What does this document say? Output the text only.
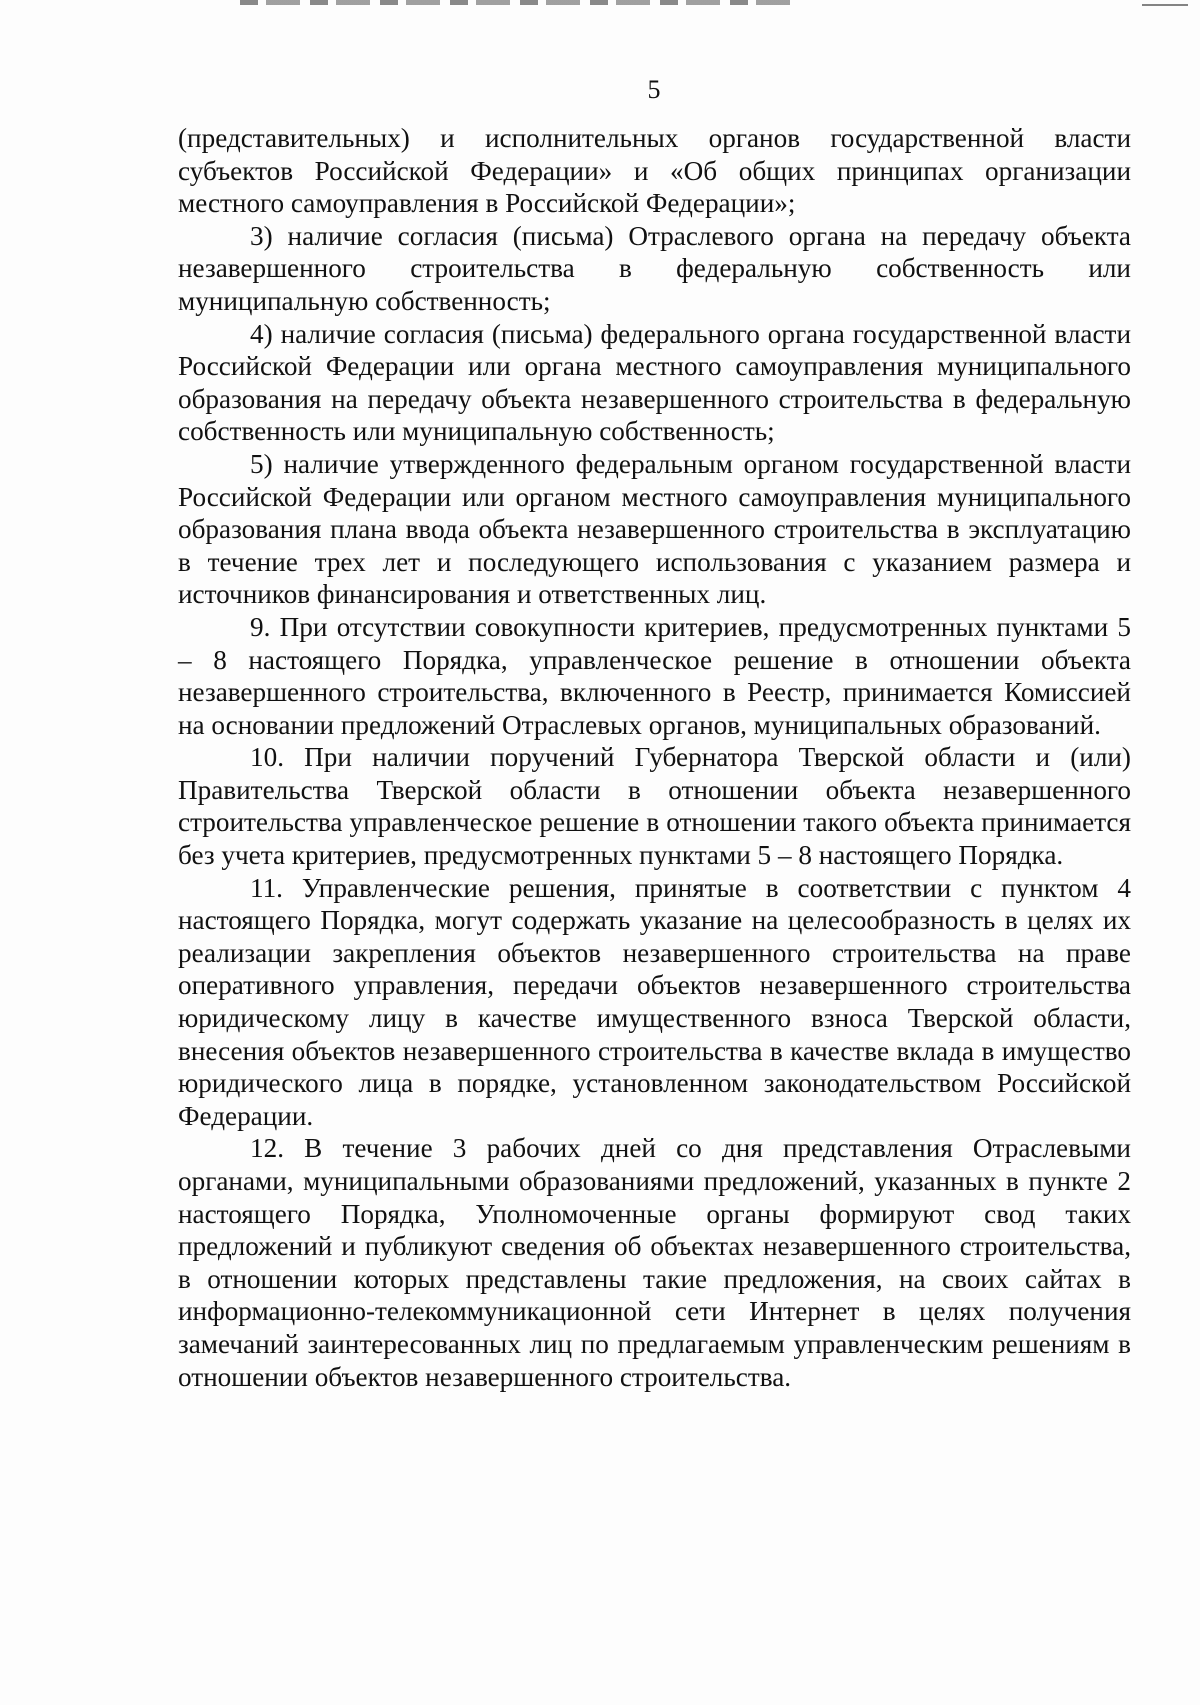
5

(представительных) и исполнительных органов государственной власти субъектов Российской Федерации» и «Об общих принципах организации местного самоуправления в Российской Федерации»;

3) наличие согласия (письма) Отраслевого органа на передачу объекта незавершенного строительства в федеральную собственность или муниципальную собственность;

4) наличие согласия (письма) федерального органа государственной власти Российской Федерации или органа местного самоуправления муниципального образования на передачу объекта незавершенного строительства в федеральную собственность или муниципальную собственность;

5) наличие утвержденного федеральным органом государственной власти Российской Федерации или органом местного самоуправления муниципального образования плана ввода объекта незавершенного строительства в эксплуатацию в течение трех лет и последующего использования с указанием размера и источников финансирования и ответственных лиц.

9. При отсутствии совокупности критериев, предусмотренных пунктами 5 – 8 настоящего Порядка, управленческое решение в отношении объекта незавершенного строительства, включенного в Реестр, принимается Комиссией на основании предложений Отраслевых органов, муниципальных образований.

10. При наличии поручений Губернатора Тверской области и (или) Правительства Тверской области в отношении объекта незавершенного строительства управленческое решение в отношении такого объекта принимается без учета критериев, предусмотренных пунктами 5 – 8 настоящего Порядка.

11. Управленческие решения, принятые в соответствии с пунктом 4 настоящего Порядка, могут содержать указание на целесообразность в целях их реализации закрепления объектов незавершенного строительства на праве оперативного управления, передачи объектов незавершенного строительства юридическому лицу в качестве имущественного взноса Тверской области, внесения объектов незавершенного строительства в качестве вклада в имущество юридического лица в порядке, установленном законодательством Российской Федерации.

12. В течение 3 рабочих дней со дня представления Отраслевыми органами, муниципальными образованиями предложений, указанных в пункте 2 настоящего Порядка, Уполномоченные органы формируют свод таких предложений и публикуют сведения об объектах незавершенного строительства, в отношении которых представлены такие предложения, на своих сайтах в информационно-телекоммуникационной сети Интернет в целях получения замечаний заинтересованных лиц по предлагаемым управленческим решениям в отношении объектов незавершенного строительства.
